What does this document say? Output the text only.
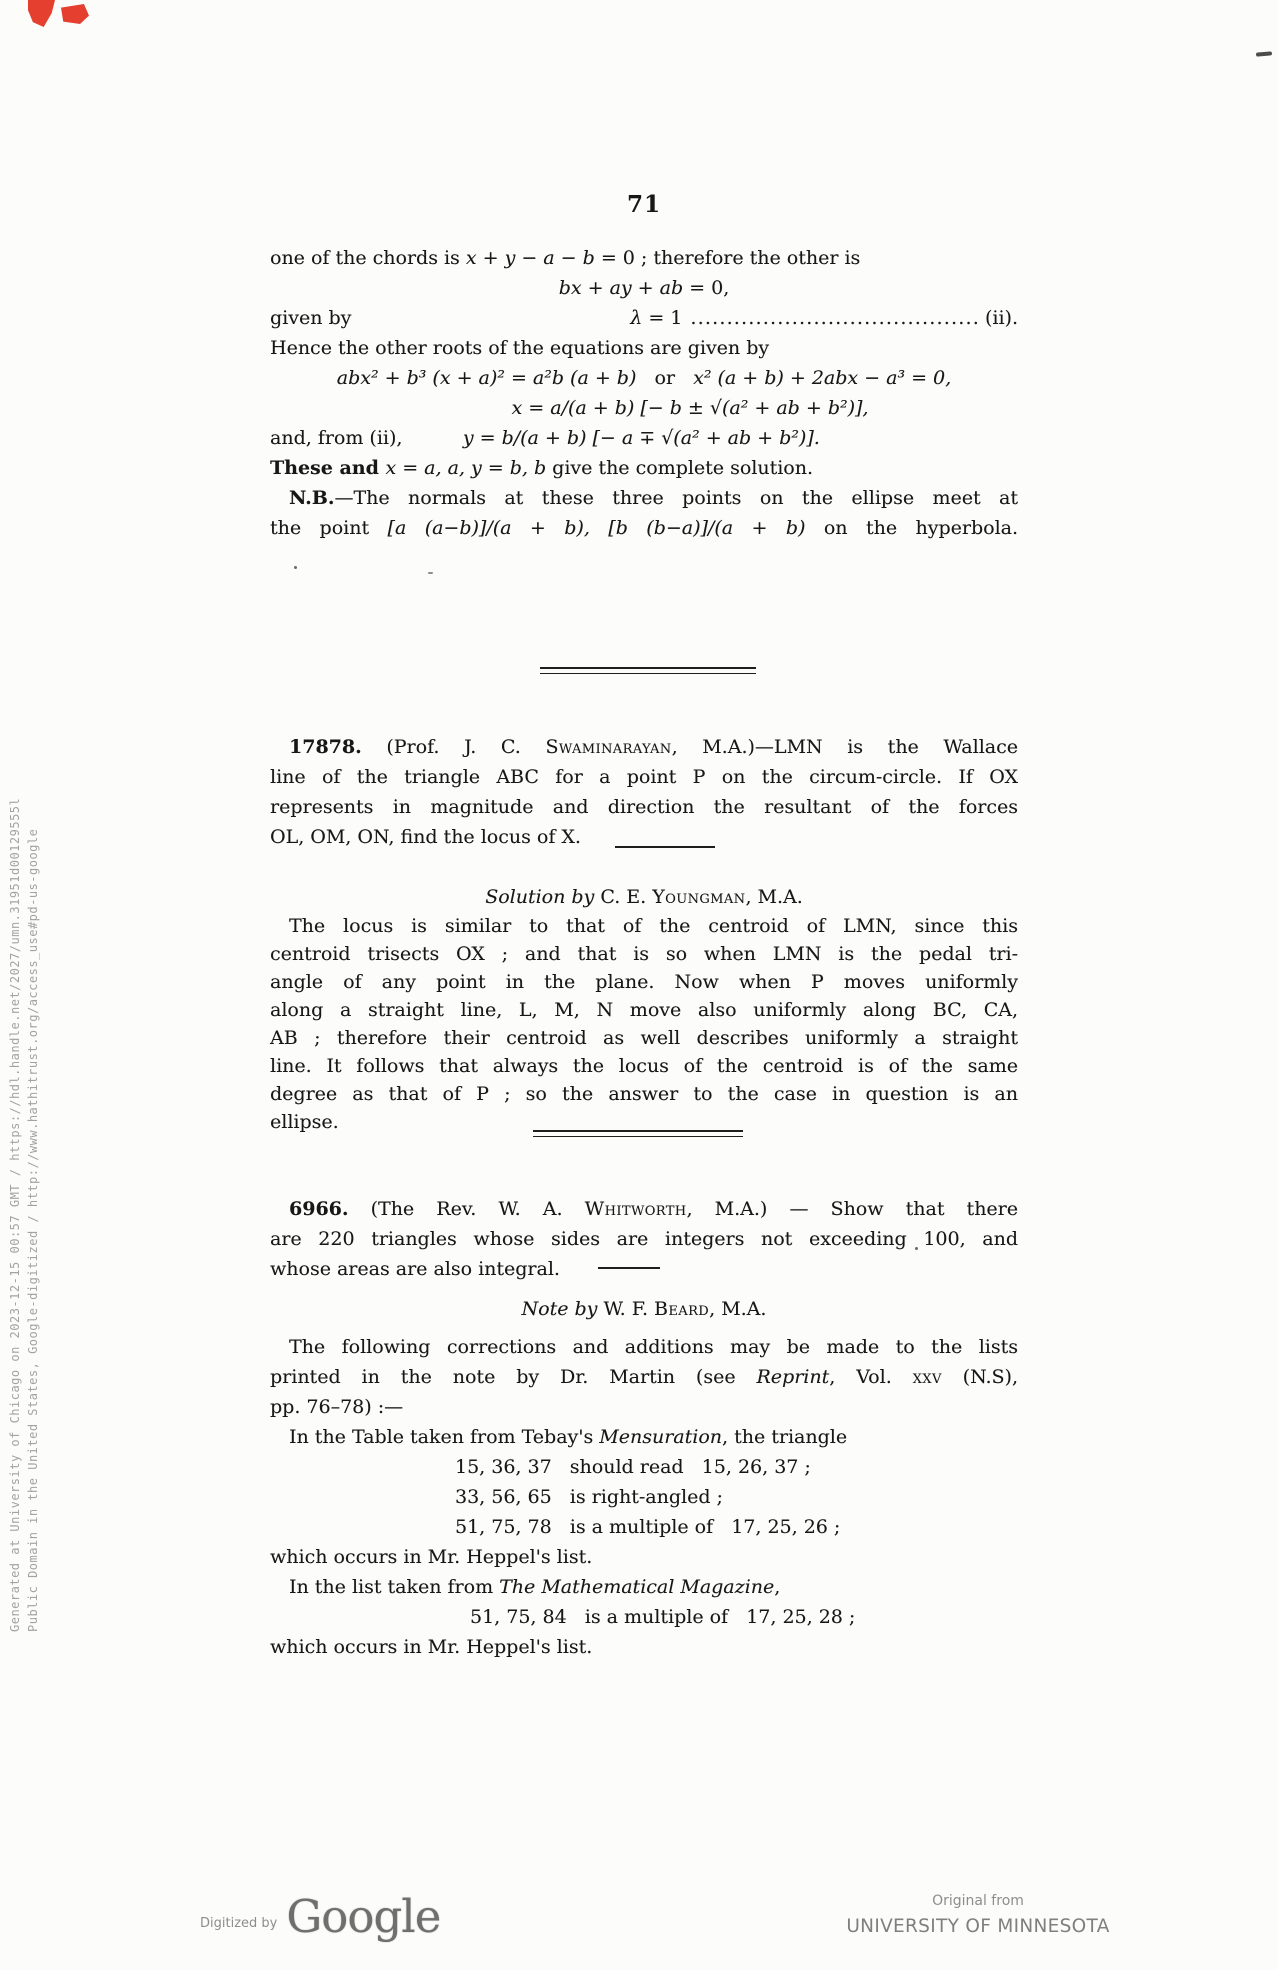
Generated at University of Chicago on 2023-12-15 00:57 GMT / https://hdl.handle.net/2027/umn.31951d00129555l Public Domain in the United States, Google-digitized / http://www.hathitrust.org/access_use#pd-us-google
71
one of the chords is x + y − a − b = 0 ; therefore the other is
bx + ay + ab = 0,
given by	λ = 1 ........................................ (ii).
Hence the other roots of the equations are given by
abx² + b³ (x + a)² = a²b (a + b)   or   x² (a + b) + 2abx − a³ = 0,
x = a/(a + b) [− b ± √(a² + ab + b²)],
and, from (ii),	y = b/(a + b) [− a ∓ √(a² + ab + b²)].
These and x = a, a, y = b, b give the complete solution.
N.B.—The normals at these three points on the ellipse meet at
the point [a (a−b)]/(a + b), [b (b−a)]/(a + b) on the hyperbola.
17878. (Prof. J. C. Swaminarayan, M.A.)—LMN is the Wallace
line of the triangle ABC for a point P on the circum-circle. If OX
represents in magnitude and direction the resultant of the forces
OL, OM, ON, find the locus of X.
Solution by C. E. Youngman, M.A.
The locus is similar to that of the centroid of LMN, since this
centroid trisects OX ; and that is so when LMN is the pedal tri-
angle of any point in the plane. Now when P moves uniformly
along a straight line, L, M, N move also uniformly along BC, CA,
AB ; therefore their centroid as well describes uniformly a straight
line. It follows that always the locus of the centroid is of the same
degree as that of P ; so the answer to the case in question is an
ellipse.
6966. (The Rev. W. A. Whitworth, M.A.) — Show that there
are 220 triangles whose sides are integers not exceeding 100, and
whose areas are also integral.
Note by W. F. Beard, M.A.
The following corrections and additions may be made to the lists
printed in the note by Dr. Martin (see Reprint, Vol. xxv (N.S),
pp. 76–78) :—
In the Table taken from Tebay's Mensuration, the triangle
15, 36, 37   should read   15, 26, 37 ;
33, 56, 65   is right-angled ;
51, 75, 78   is a multiple of   17, 25, 26 ;
which occurs in Mr. Heppel's list.
In the list taken from The Mathematical Magazine,
51, 75, 84   is a multiple of   17, 25, 28 ;
which occurs in Mr. Heppel's list.
Digitized by Google	Original from
UNIVERSITY OF MINNESOTA
